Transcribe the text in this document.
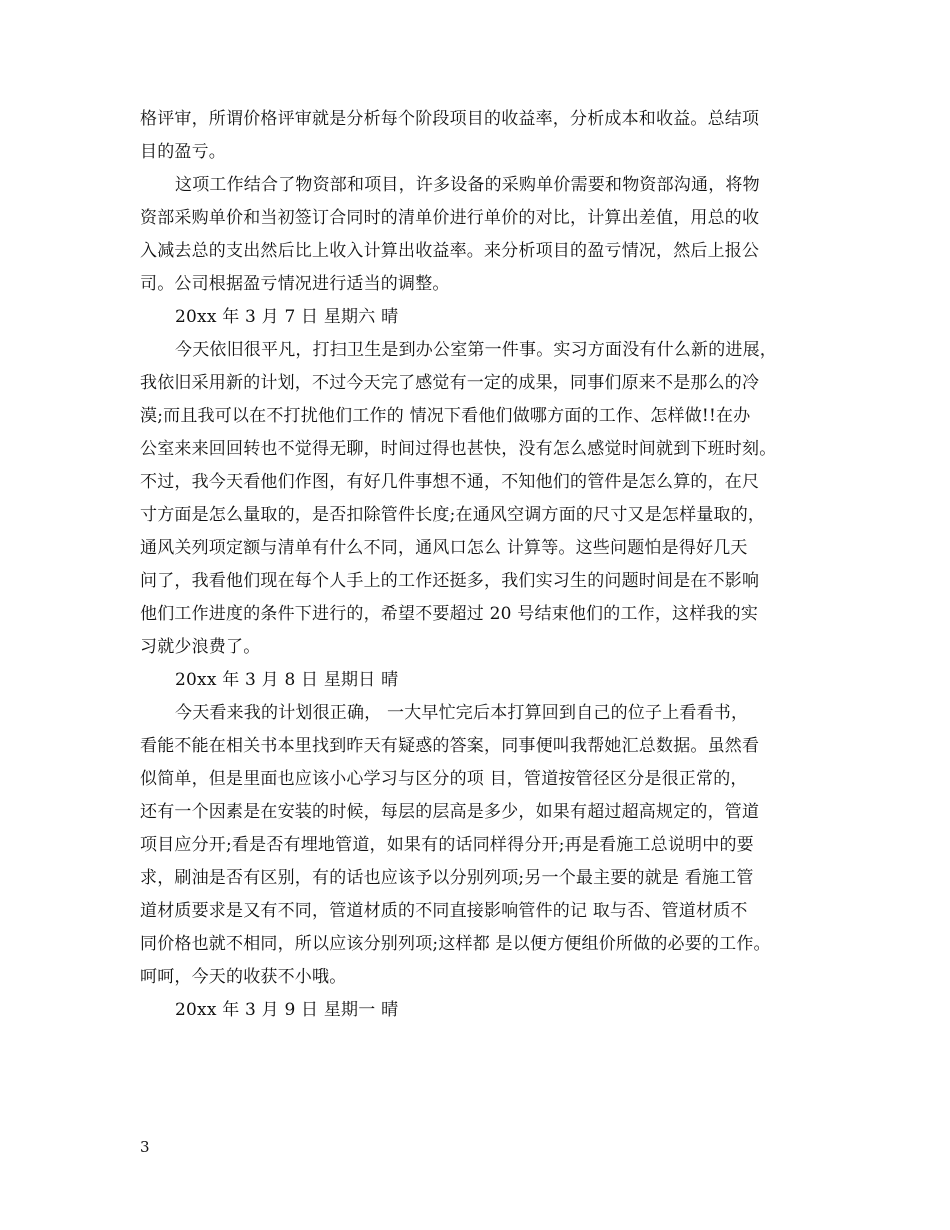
格评审，所谓价格评审就是分析每个阶段项目的收益率，分析成本和收益。总结项
目的盈亏。
这项工作结合了物资部和项目，许多设备的采购单价需要和物资部沟通，将物
资部采购单价和当初签订合同时的清单价进行单价的对比，计算出差值，用总的收
入减去总的支出然后比上收入计算出收益率。来分析项目的盈亏情况，然后上报公
司。公司根据盈亏情况进行适当的调整。
20xx 年 3 月 7 日 星期六 晴
今天依旧很平凡，打扫卫生是到办公室第一件事。实习方面没有什么新的进展，
我依旧采用新的计划，不过今天完了感觉有一定的成果，同事们原来不是那么的冷
漠;而且我可以在不打扰他们工作的 情况下看他们做哪方面的工作、怎样做!!在办
公室来来回回转也不觉得无聊，时间过得也甚快，没有怎么感觉时间就到下班时刻。
不过，我今天看他们作图，有好几件事想不通，不知他们的管件是怎么算的，在尺
寸方面是怎么量取的，是否扣除管件长度;在通风空调方面的尺寸又是怎样量取的，
通风关列项定额与清单有什么不同，通风口怎么 计算等。这些问题怕是得好几天
问了，我看他们现在每个人手上的工作还挺多，我们实习生的问题时间是在不影响
他们工作进度的条件下进行的，希望不要超过 20 号结束他们的工作，这样我的实
习就少浪费了。
20xx 年 3 月 8 日 星期日 晴
今天看来我的计划很正确， 一大早忙完后本打算回到自己的位子上看看书，
看能不能在相关书本里找到昨天有疑惑的答案，同事便叫我帮她汇总数据。虽然看
似简单，但是里面也应该小心学习与区分的项 目，管道按管径区分是很正常的，
还有一个因素是在安装的时候，每层的层高是多少，如果有超过超高规定的，管道
项目应分开;看是否有埋地管道，如果有的话同样得分开;再是看施工总说明中的要
求，刷油是否有区别，有的话也应该予以分别列项;另一个最主要的就是 看施工管
道材质要求是又有不同，管道材质的不同直接影响管件的记 取与否、管道材质不
同价格也就不相同，所以应该分别列项;这样都 是以便方便组价所做的必要的工作。
呵呵，今天的收获不小哦。
20xx 年 3 月 9 日 星期一 晴
3
